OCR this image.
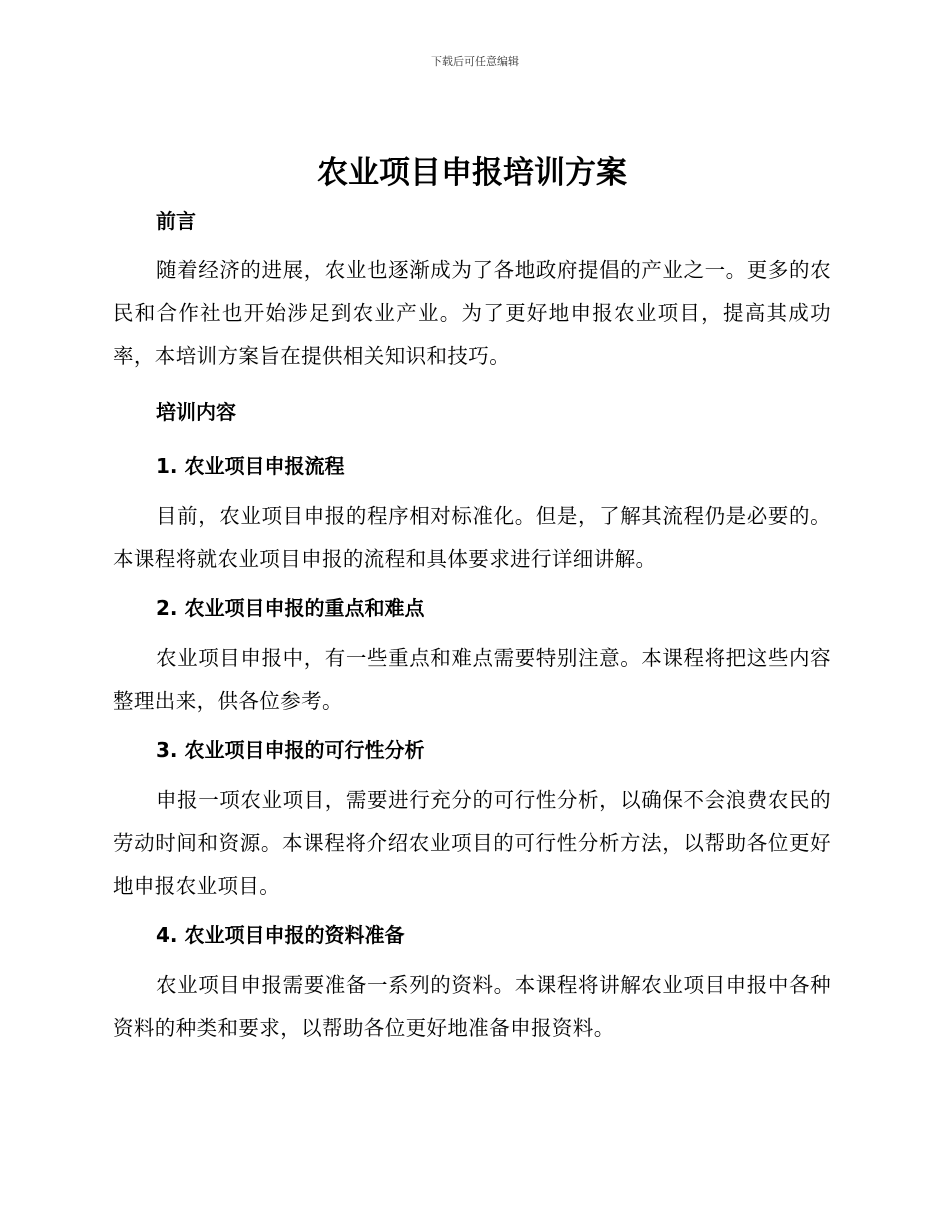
下载后可任意编辑
农业项目申报培训方案
前言

随着经济的进展，农业也逐渐成为了各地政府提倡的产业之一。更多的农民和合作社也开始涉足到农业产业。为了更好地申报农业项目，提高其成功率，本培训方案旨在提供相关知识和技巧。

培训内容
1. 农业项目申报流程

目前，农业项目申报的程序相对标准化。但是，了解其流程仍是必要的。本课程将就农业项目申报的流程和具体要求进行详细讲解。

2. 农业项目申报的重点和难点

农业项目申报中，有一些重点和难点需要特别注意。本课程将把这些内容整理出来，供各位参考。

3. 农业项目申报的可行性分析

申报一项农业项目，需要进行充分的可行性分析，以确保不会浪费农民的劳动时间和资源。本课程将介绍农业项目的可行性分析方法，以帮助各位更好地申报农业项目。

4. 农业项目申报的资料准备

农业项目申报需要准备一系列的资料。本课程将讲解农业项目申报中各种资料的种类和要求，以帮助各位更好地准备申报资料。
